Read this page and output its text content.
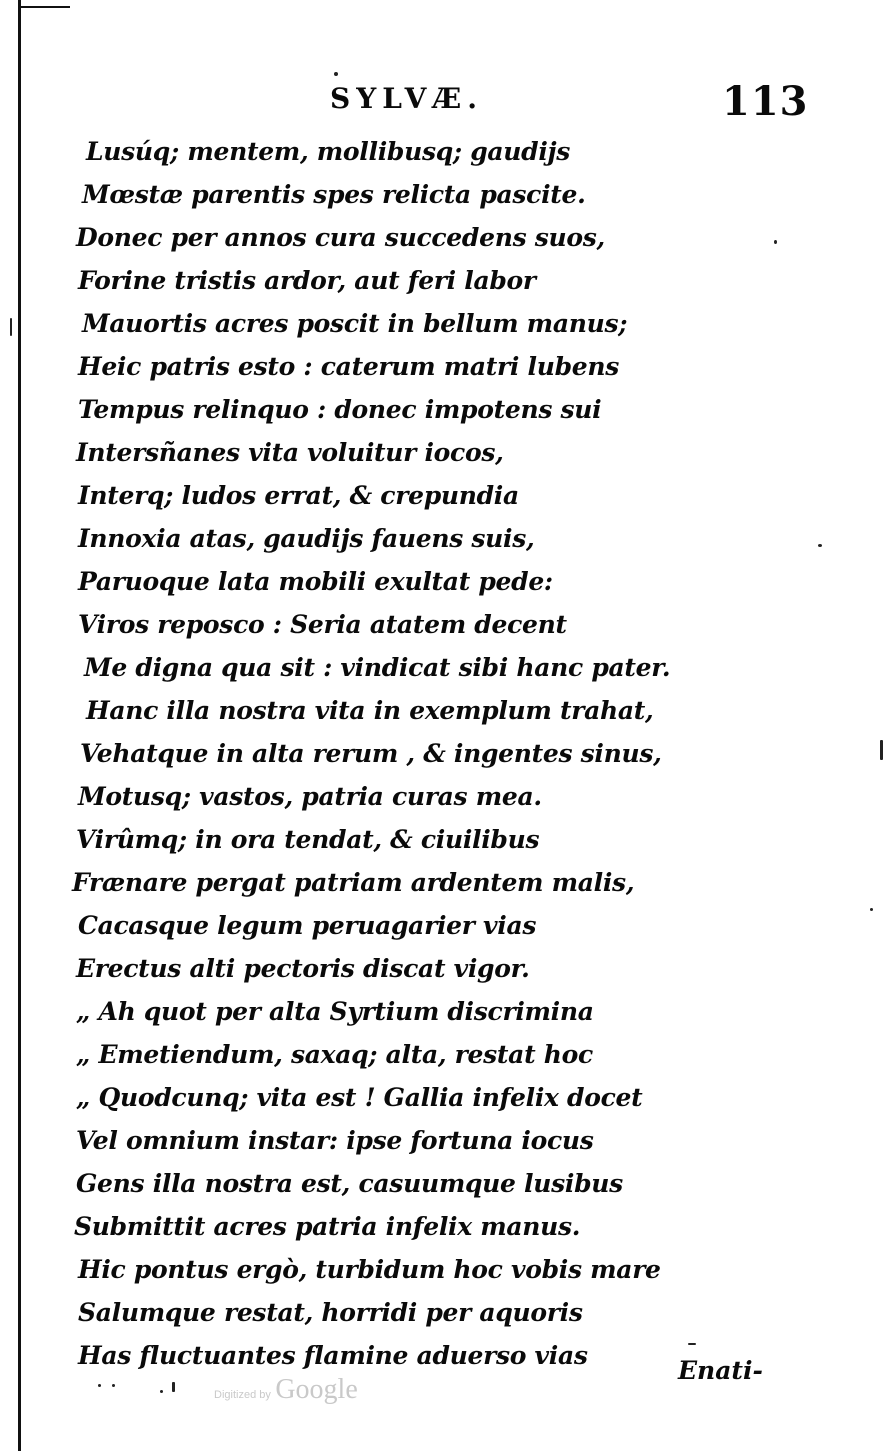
SYLVÆ.	113
Lusúq; mentem, mollibusq; gaudijs
Mœstæ parentis spes relicta pascite.
Donec per annos cura succedens suos,
Forine tristis ardor, aut feri labor
Mauortis acres poscit in bellum manus;
Heic patris esto : caterum matri lubens
Tempus relinquo : donec impotens sui
Intersñanes vita voluitur iocos,
Interq; ludos errat, & crepundia
Innoxia atas, gaudijs fauens suis,
Paruoque lata mobili exultat pede:
Viros reposco : Seria atatem decent
Me digna qua sit : vindicat sibi hanc pater.
Hanc illa nostra vita in exemplum trahat,
Vehatque in alta rerum , & ingentes sinus,
Motusq; vastos, patria curas mea.
Virûmq; in ora tendat, & ciuilibus
Frænare pergat patriam ardentem malis,
Cacasque legum peruagarier vias
Erectus alti pectoris discat vigor.
„ Ah quot per alta Syrtium discrimina
„ Emetiendum, saxaq; alta, restat hoc
„ Quodcunq; vita est ! Gallia infelix docet
Vel omnium instar: ipse fortuna iocus
Gens illa nostra est, casuumque lusibus
Submittit acres patria infelix manus.
Hic pontus ergò, turbidum hoc vobis mare
Salumque restat, horridi per aquoris
Has fluctuantes flamine aduerso vias
Enati-
Digitized by Google
